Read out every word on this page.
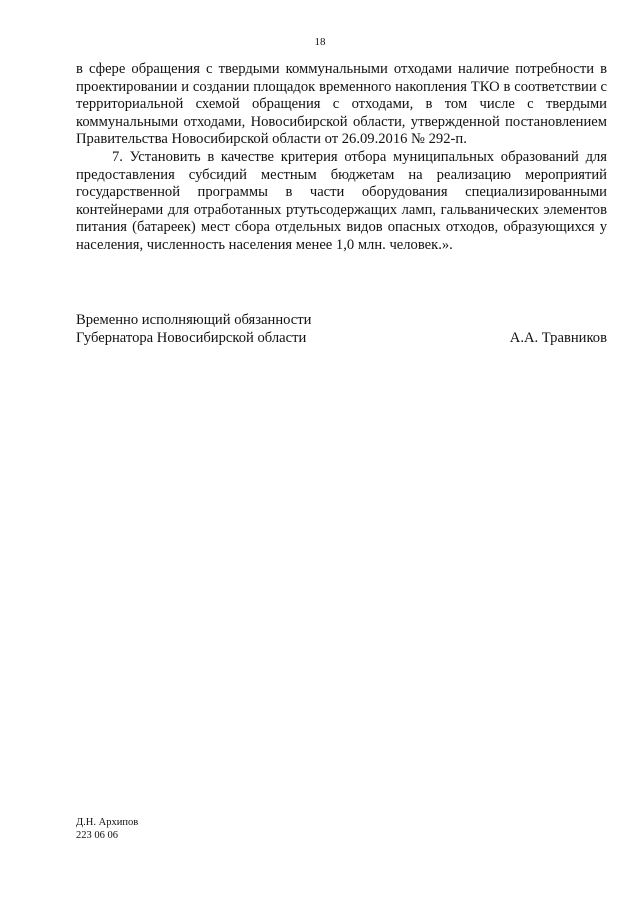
18

в сфере обращения с твердыми коммунальными отходами наличие потребности в проектировании и создании площадок временного накопления ТКО в соответствии с территориальной схемой обращения с отходами, в том числе с твердыми коммунальными отходами, Новосибирской области, утвержденной постановлением Правительства Новосибирской области от 26.09.2016 № 292-п.

7. Установить в качестве критерия отбора муниципальных образований для предоставления субсидий местным бюджетам на реализацию мероприятий государственной программы в части оборудования специализированными контейнерами для отработанных ртутьсодержащих ламп, гальванических элементов питания (батареек) мест сбора отдельных видов опасных отходов, образующихся у населения, численность населения менее 1,0 млн. человек.».

Временно исполняющий обязанности
Губернатора Новосибирской области	А.А. Травников
Д.Н. Архипов
223 06 06
